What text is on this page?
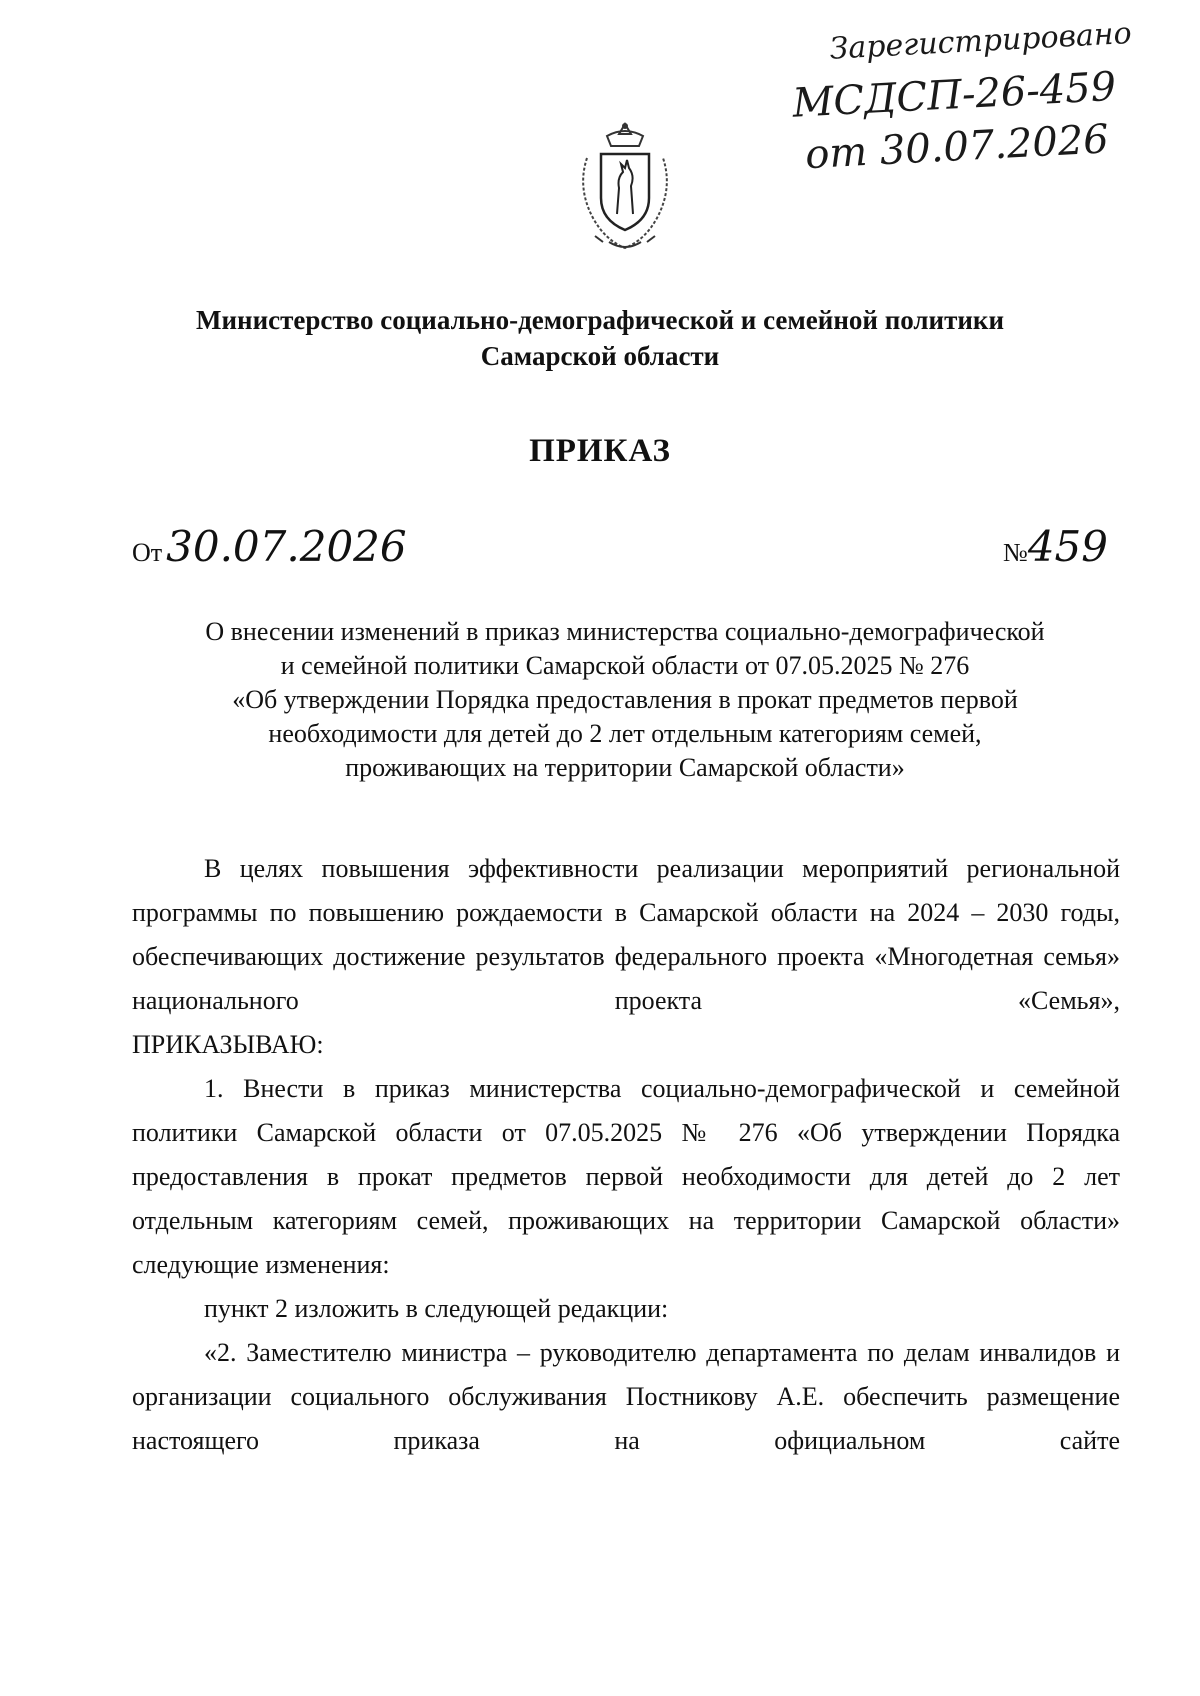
Зарегистрировано
МСДСП-26-459
от 30.07.2026
Министерство социально-демографической и семейной политики
Самарской области
ПРИКАЗ
От30.07.2026	№459
О внесении изменений в приказ министерства социально-демографической
и семейной политики Самарской области от 07.05.2025 № 276
«Об утверждении Порядка предоставления в прокат предметов первой
необходимости для детей до 2 лет отдельным категориям семей,
проживающих на территории Самарской области»

В целях повышения эффективности реализации мероприятий региональной программы по повышению рождаемости в Самарской области на 2024 – 2030 годы, обеспечивающих достижение результатов федерального проекта «Многодетная семья» национального проекта «Семья»,

ПРИКАЗЫВАЮ:

1. Внести в приказ министерства социально-демографической и семейной политики Самарской области от 07.05.2025 № 276 «Об утверждении Порядка предоставления в прокат предметов первой необходимости для детей до 2 лет отдельным категориям семей, проживающих на территории Самарской области» следующие изменения:

пункт 2 изложить в следующей редакции:

«2. Заместителю министра – руководителю департамента по делам инвалидов и организации социального обслуживания Постникову А.Е. обеспечить размещение настоящего приказа на официальном сайте
